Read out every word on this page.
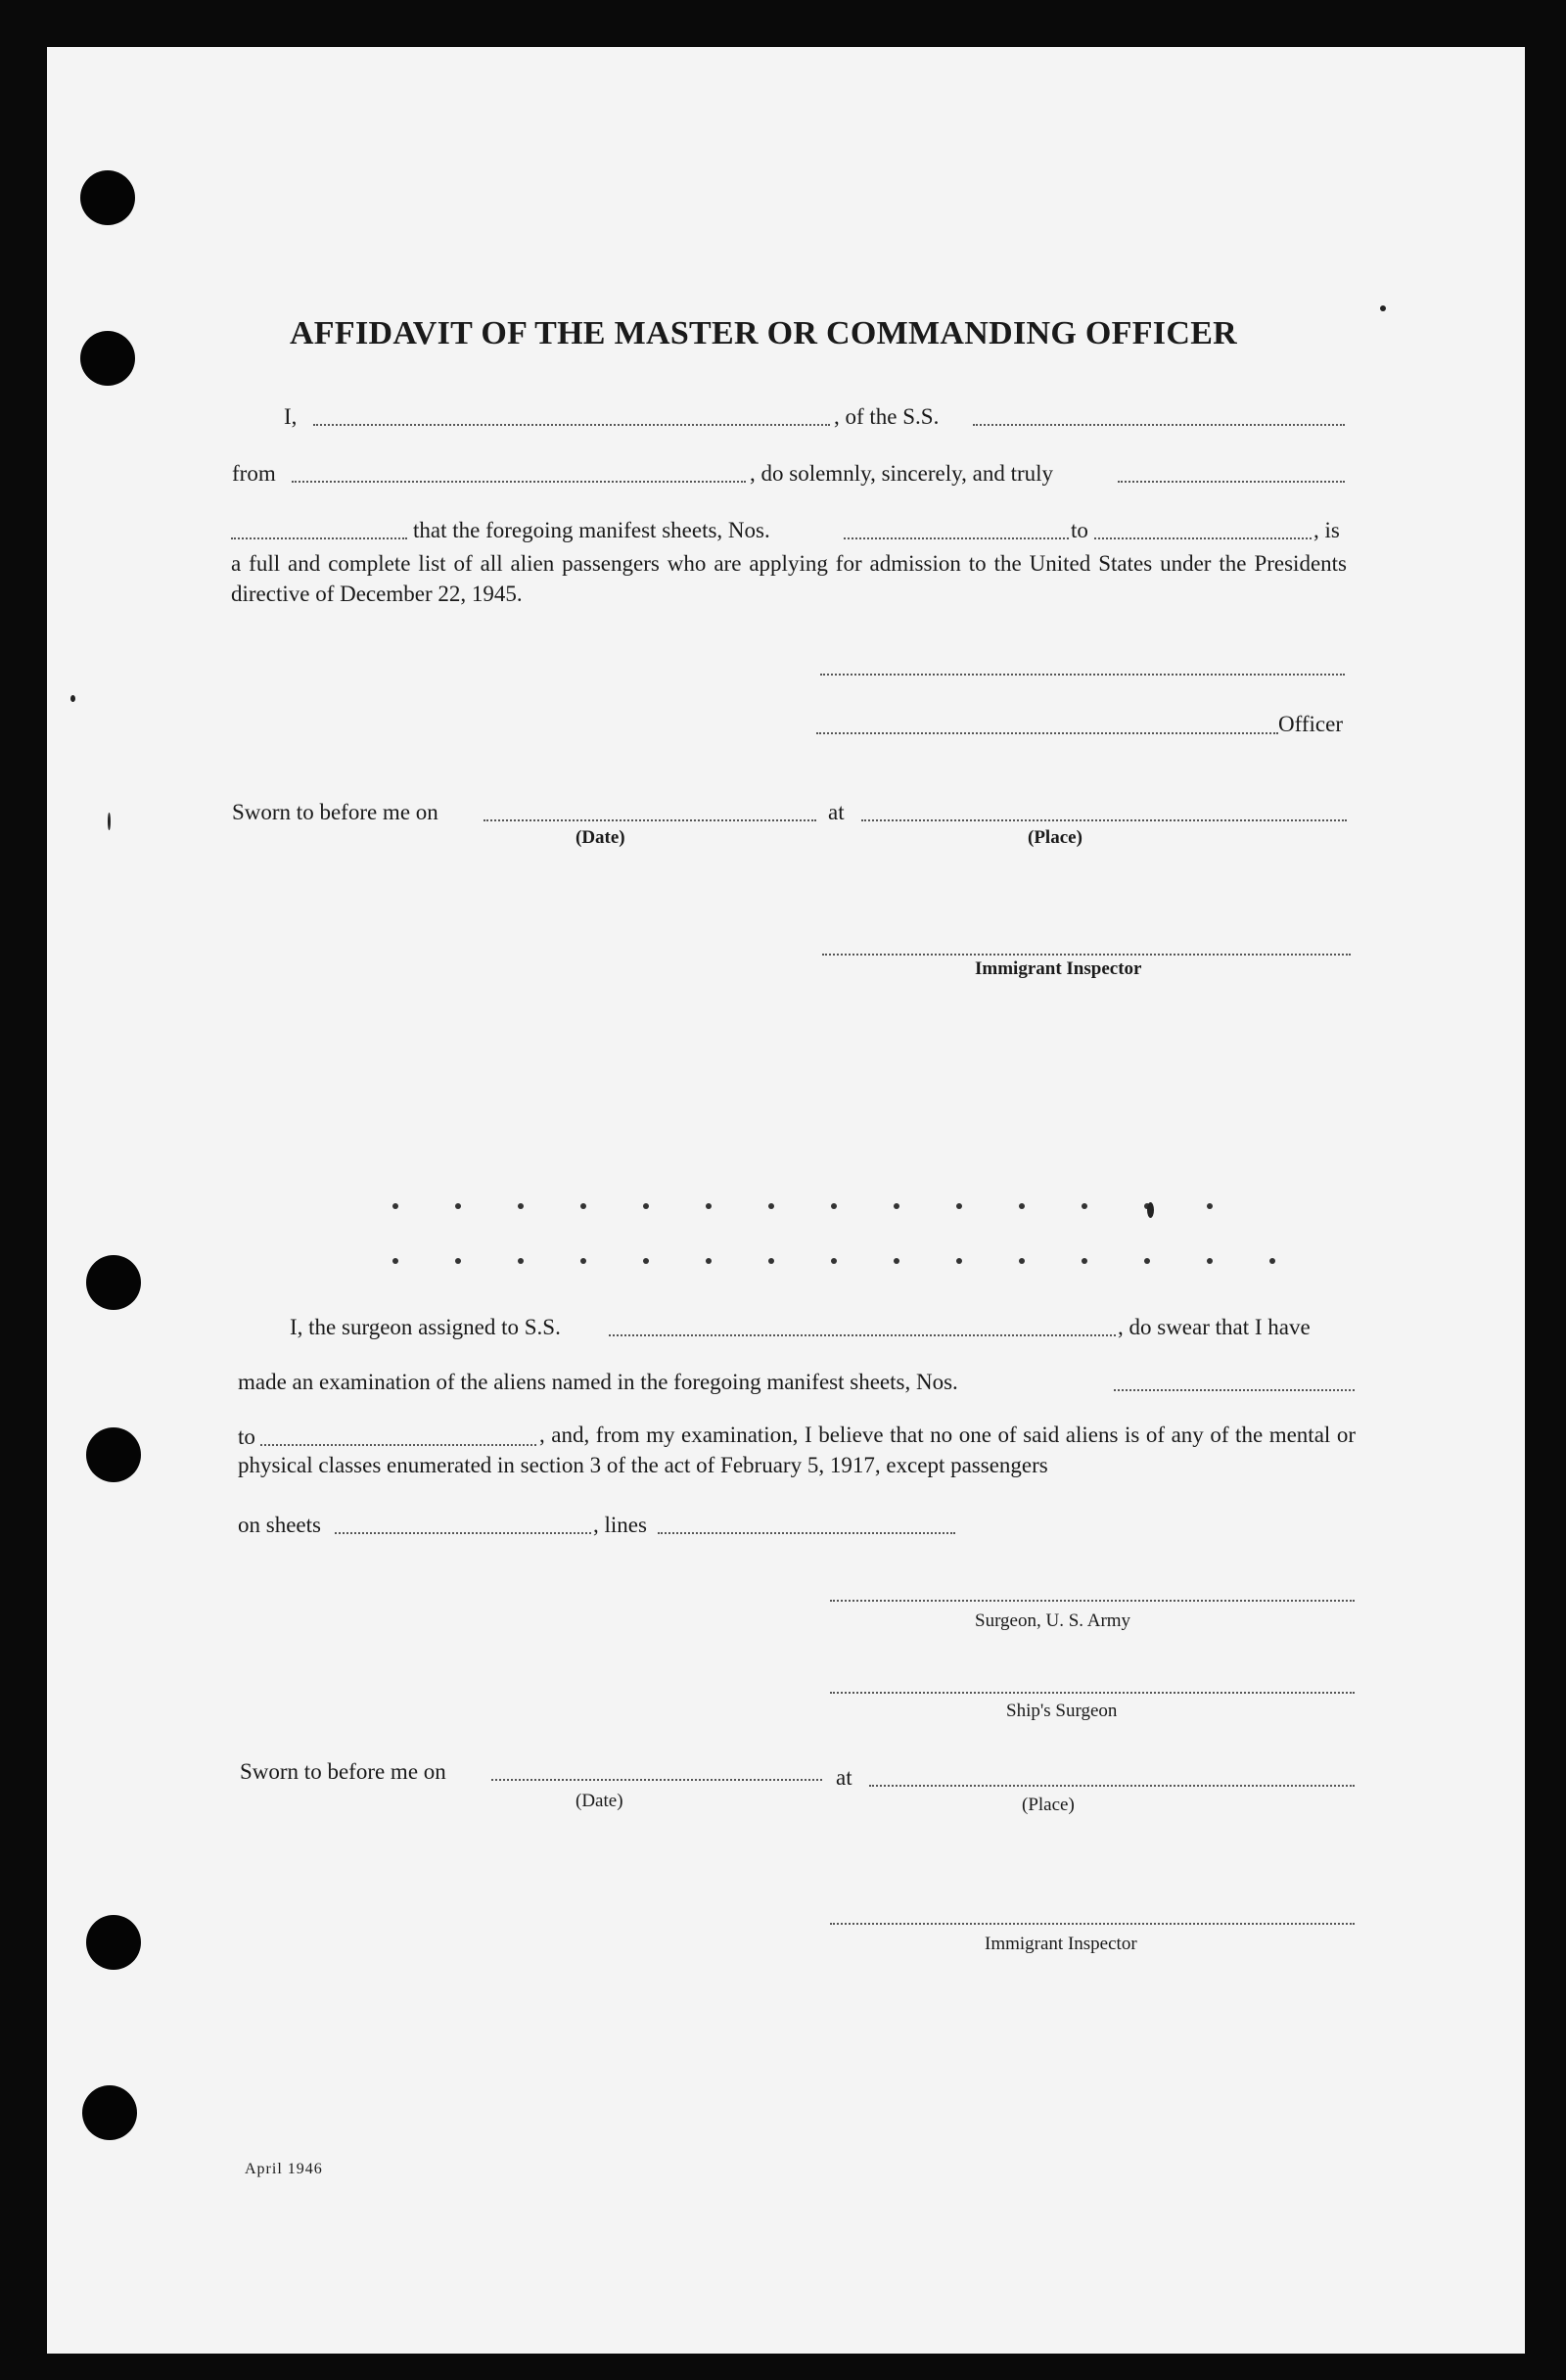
AFFIDAVIT OF THE MASTER OR COMMANDING OFFICER
I,	, of the S.S.
from	, do solemnly, sincerely, and truly
that the foregoing manifest sheets, Nos.	to	, is
a full and complete list of all alien passengers who are applying for admission to the United States under the Presidents directive of December 22, 1945.
Officer
Sworn to before me on	at
(Date)	(Place)
Immigrant Inspector
I, the surgeon assigned to S.S.	, do swear that I have
made an examination of the aliens named in the foregoing manifest sheets, Nos.
to	, and, from my examination, I believe that no one of said aliens is of any of the mental or physical classes enumerated in section 3 of the act of February 5, 1917, except passengers
on sheets	, lines
Surgeon, U. S. Army
Ship's Surgeon
Sworn to before me on	at
(Date)	(Place)
Immigrant Inspector
April 1946
